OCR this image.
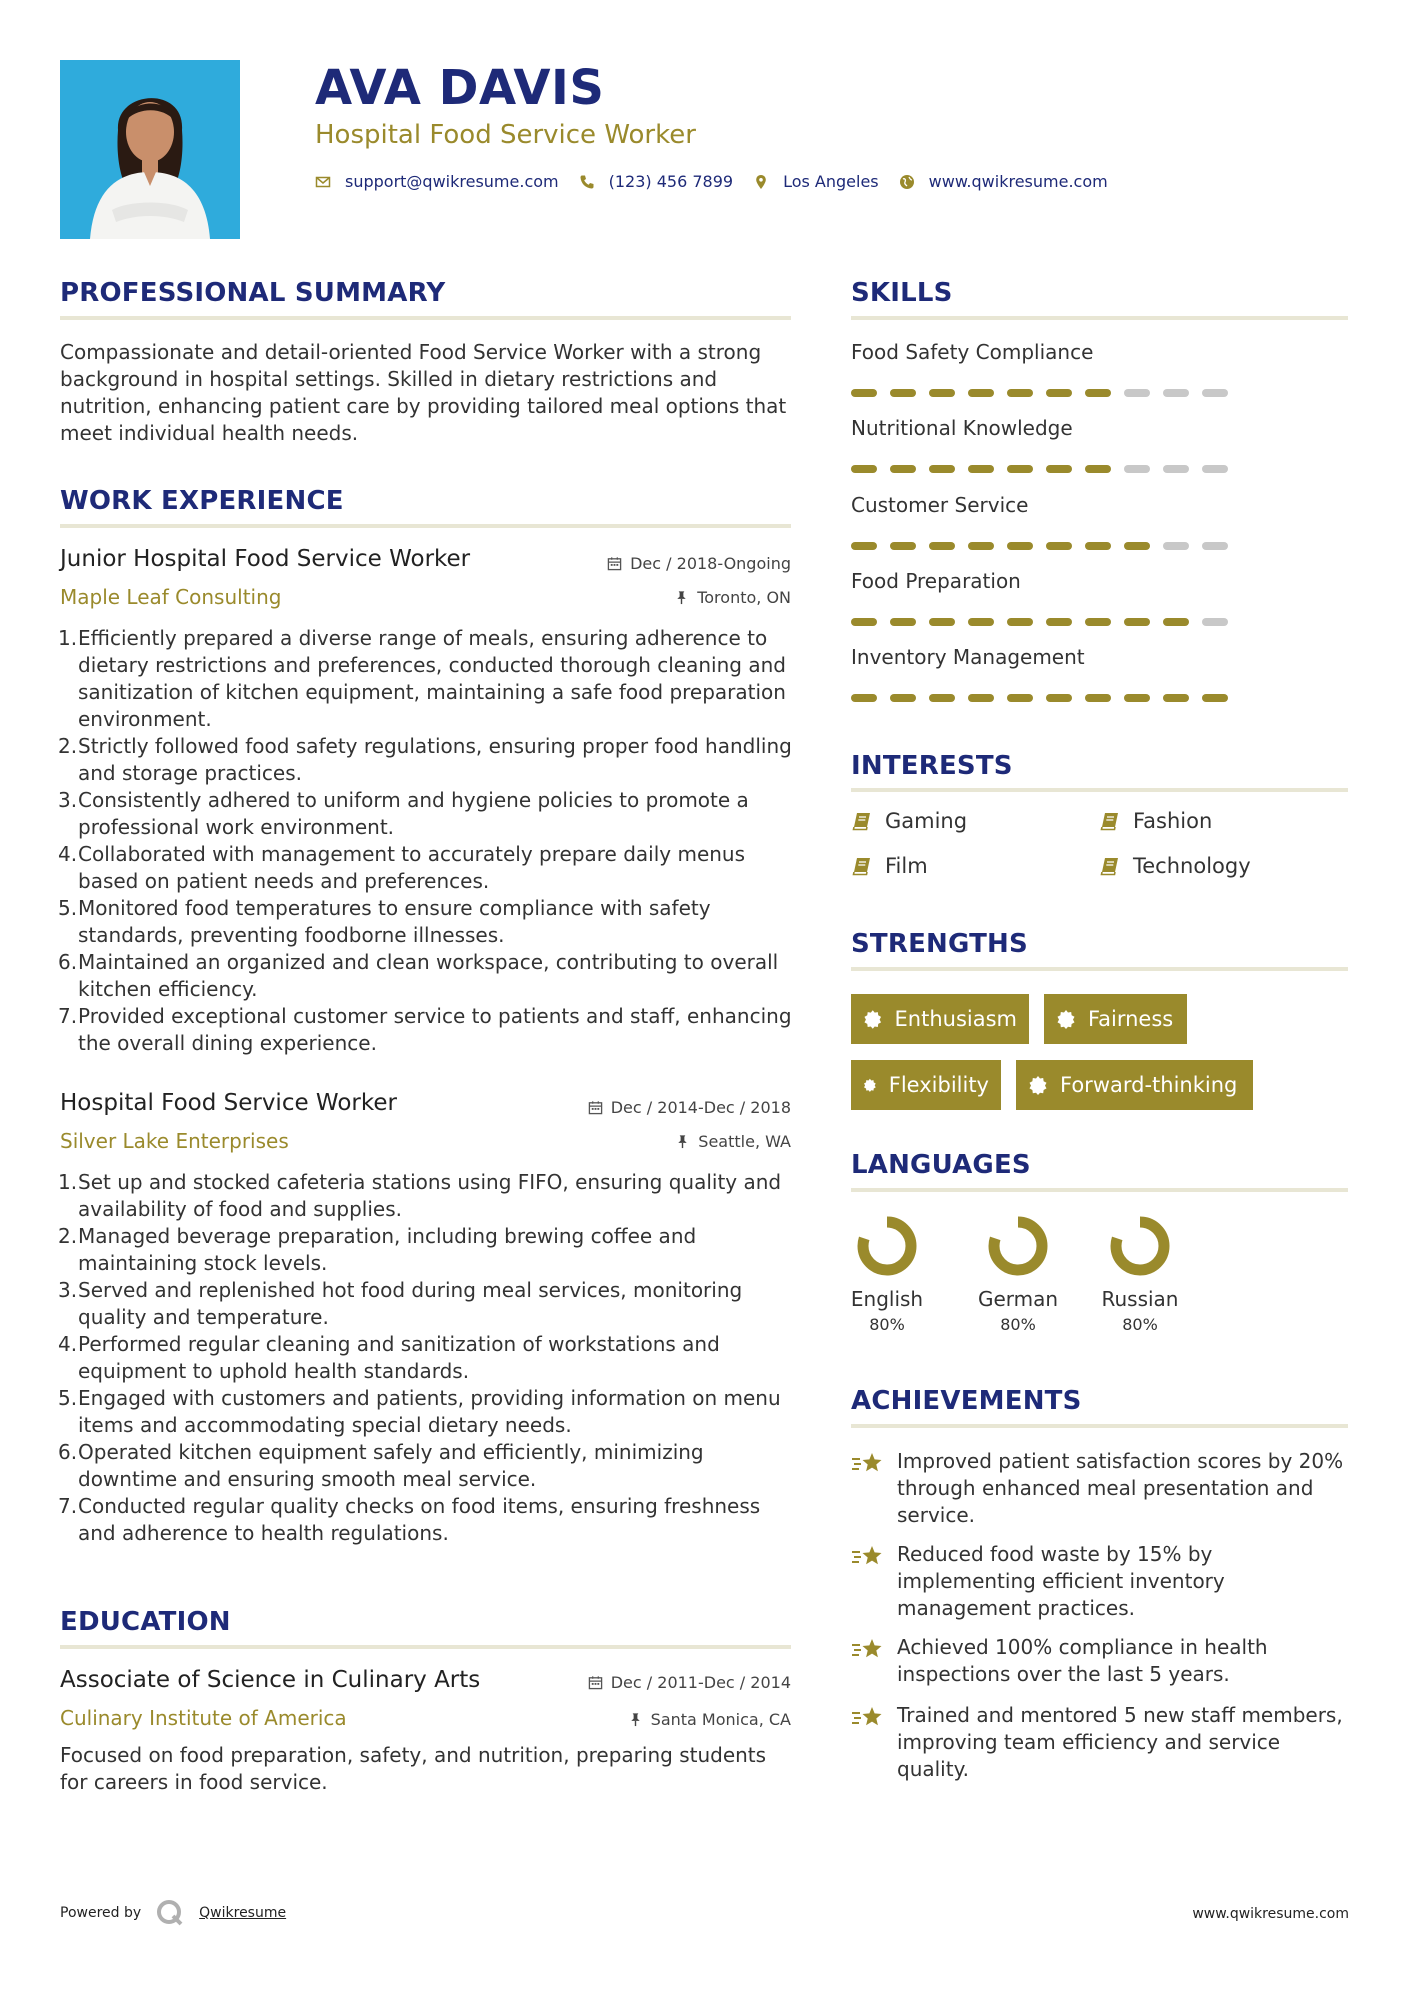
AVA DAVIS
Hospital Food Service Worker
support@qwikresume.com	(123) 456 7899	Los Angeles	www.qwikresume.com
PROFESSIONAL SUMMARY
Compassionate and detail-oriented Food Service Worker with a strong background in hospital settings. Skilled in dietary restrictions and nutrition, enhancing patient care by providing tailored meal options that meet individual health needs.
WORK EXPERIENCE
Junior Hospital Food Service Worker	Dec / 2018-Ongoing
Maple Leaf Consulting	Toronto, ON
1. Efficiently prepared a diverse range of meals, ensuring adherence to dietary restrictions and preferences, conducted thorough cleaning and sanitization of kitchen equipment, maintaining a safe food preparation environment.
2. Strictly followed food safety regulations, ensuring proper food handling and storage practices.
3. Consistently adhered to uniform and hygiene policies to promote a professional work environment.
4. Collaborated with management to accurately prepare daily menus based on patient needs and preferences.
5. Monitored food temperatures to ensure compliance with safety standards, preventing foodborne illnesses.
6. Maintained an organized and clean workspace, contributing to overall kitchen efficiency.
7. Provided exceptional customer service to patients and staff, enhancing the overall dining experience.
Hospital Food Service Worker	Dec / 2014-Dec / 2018
Silver Lake Enterprises	Seattle, WA
1. Set up and stocked cafeteria stations using FIFO, ensuring quality and availability of food and supplies.
2. Managed beverage preparation, including brewing coffee and maintaining stock levels.
3. Served and replenished hot food during meal services, monitoring quality and temperature.
4. Performed regular cleaning and sanitization of workstations and equipment to uphold health standards.
5. Engaged with customers and patients, providing information on menu items and accommodating special dietary needs.
6. Operated kitchen equipment safely and efficiently, minimizing downtime and ensuring smooth meal service.
7. Conducted regular quality checks on food items, ensuring freshness and adherence to health regulations.
EDUCATION
Associate of Science in Culinary Arts	Dec / 2011-Dec / 2014
Culinary Institute of America	Santa Monica, CA
Focused on food preparation, safety, and nutrition, preparing students for careers in food service.
SKILLS
Food Safety Compliance
Nutritional Knowledge
Customer Service
Food Preparation
Inventory Management
INTERESTS
Gaming	Fashion
Film	Technology
STRENGTHS
Enthusiasm	Fairness
Flexibility	Forward-thinking
LANGUAGES
English
80%
German
80%
Russian
80%
ACHIEVEMENTS
Improved patient satisfaction scores by 20% through enhanced meal presentation and service.
Reduced food waste by 15% by implementing efficient inventory management practices.
Achieved 100% compliance in health inspections over the last 5 years.
Trained and mentored 5 new staff members, improving team efficiency and service quality.
Powered by	Qwikresume	www.qwikresume.com
